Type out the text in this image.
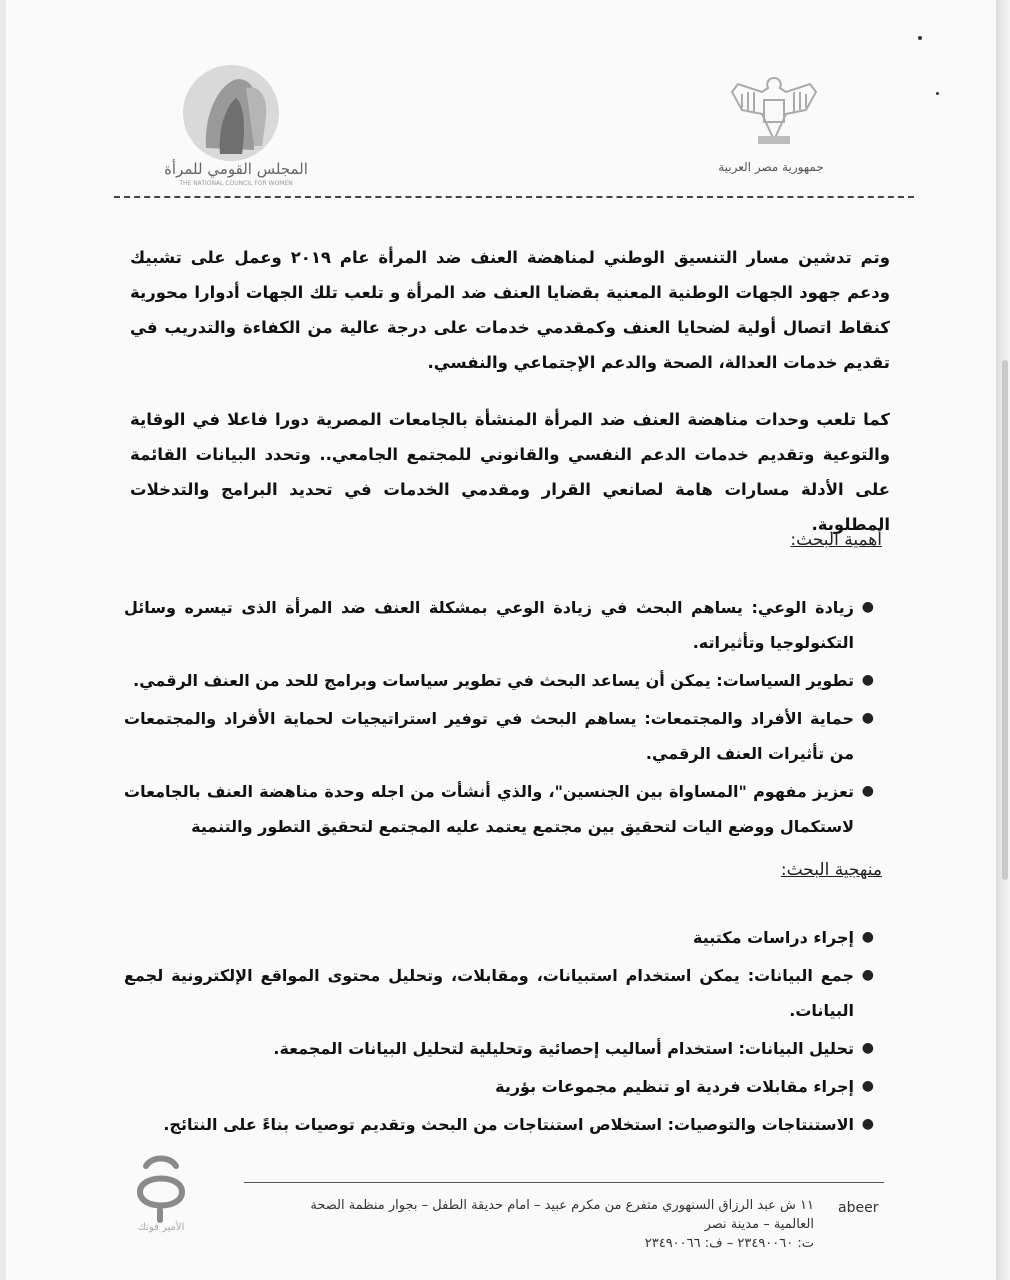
جمهورية مصر العربية
المجلس القومي للمرأة
THE NATIONAL COUNCIL FOR WOMEN
وتم تدشين مسار التنسيق الوطني لمناهضة العنف ضد المرأة عام ٢٠١٩ وعمل على تشبيك ودعم جهود الجهات الوطنية المعنية بقضايا العنف ضد المرأة و تلعب تلك الجهات أدوارا محورية كنقاط اتصال أولية لضحايا العنف وكمقدمي خدمات على درجة عالية من الكفاءة والتدريب في تقديم خدمات العدالة، الصحة والدعم الإجتماعي والنفسي.
كما تلعب وحدات مناهضة العنف ضد المرأة المنشأة بالجامعات المصرية دورا فاعلا في الوقاية والتوعية وتقديم خدمات الدعم النفسي والقانوني للمجتمع الجامعي.. وتحدد البيانات القائمة على الأدلة مسارات هامة لصانعي القرار ومقدمي الخدمات في تحديد البرامج والتدخلات المطلوبة.
أهمية البحث:
●
زيادة الوعي: يساهم البحث في زيادة الوعي بمشكلة العنف ضد المرأة الذى تيسره وسائل التكنولوجيا وتأثيراته.
●
تطوير السياسات: يمكن أن يساعد البحث في تطوير سياسات وبرامج للحد من العنف الرقمي.
●
حماية الأفراد والمجتمعات: يساهم البحث في توفير استراتيجيات لحماية الأفراد والمجتمعات من تأثيرات العنف الرقمي.
●
تعزيز مفهوم "المساواة بين الجنسين"، والذي أنشأت من اجله وحدة مناهضة العنف بالجامعات لاستكمال ووضع اليات لتحقيق بين مجتمع يعتمد عليه المجتمع لتحقيق التطور والتنمية
منهجية البحث:
●
إجراء دراسات مكتبية
●
جمع البيانات: يمكن استخدام استبيانات، ومقابلات، وتحليل محتوى المواقع الإلكترونية لجمع البيانات.
●
تحليل البيانات: استخدام أساليب إحصائية وتحليلية لتحليل البيانات المجمعة.
●
إجراء مقابلات فردية او تنظيم مجموعات بؤرية
●
الاستنتاجات والتوصيات: استخلاص استنتاجات من البحث وتقديم توصيات بناءً على النتائج.
١١ ش عبد الرزاق السنهوري متفرع من مكرم عبيد – امام حديقة الطفل – بجوار منظمة الصحة
العالمية – مدينة نصر
ت: ٢٣٤٩٠٠٦٠ – ف: ٢٣٤٩٠٠٦٦
abeer
الأمير فوتك
